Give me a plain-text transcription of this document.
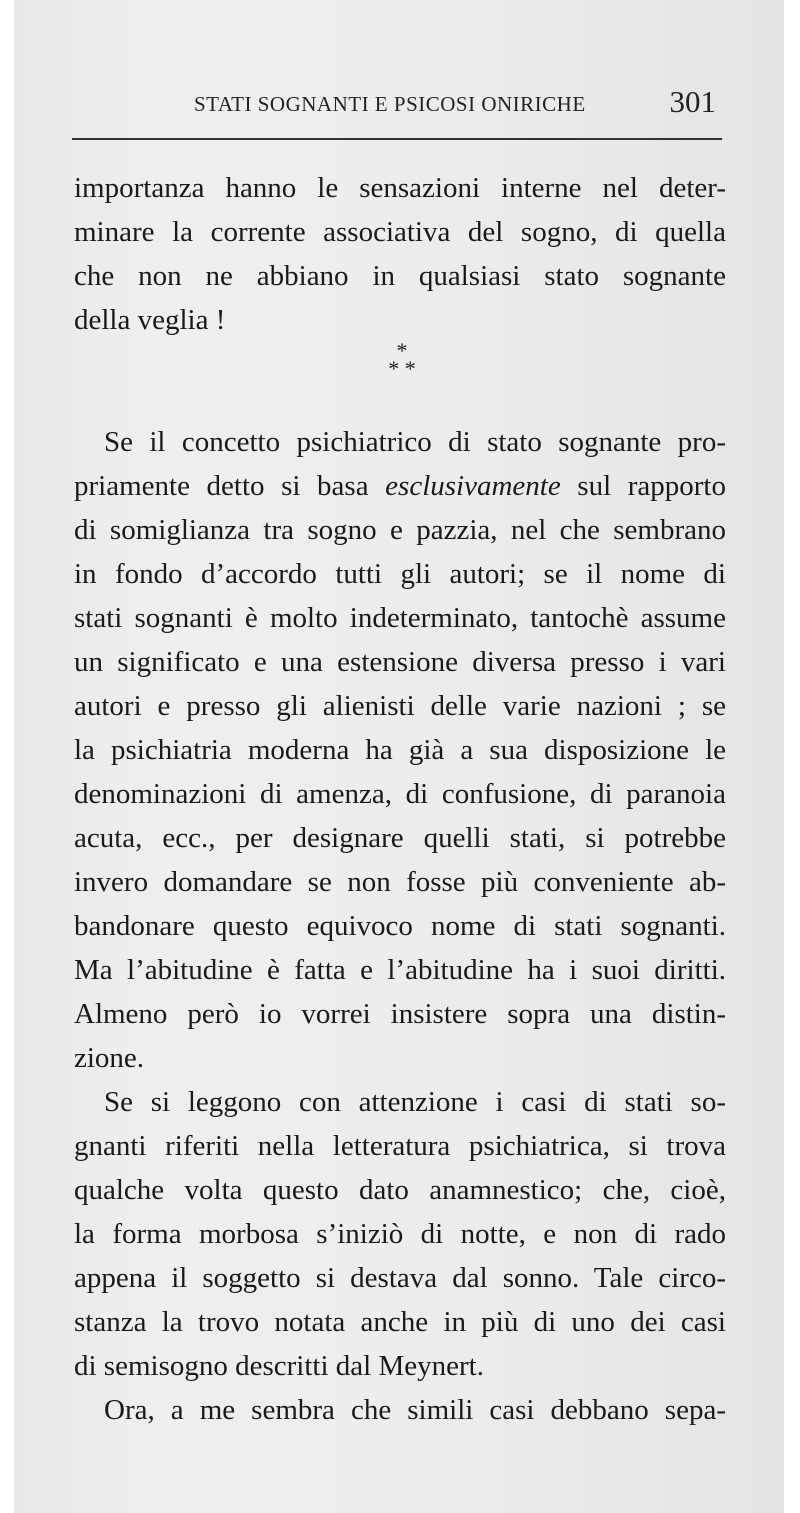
STATI SOGNANTI E PSICOSI ONIRICHE	301
importanza hanno le sensazioni interne nel deter-
minare la corrente associativa del sogno, di quella
che non ne abbiano in qualsiasi stato sognante
della veglia !
*
* *
Se il concetto psichiatrico di stato sognante pro-
priamente detto si basa esclusivamente sul rapporto
di somiglianza tra sogno e pazzia, nel che sembrano
in fondo d’accordo tutti gli autori; se il nome di
stati sognanti è molto indeterminato, tantochè assume
un significato e una estensione diversa presso i vari
autori e presso gli alienisti delle varie nazioni ; se
la psichiatria moderna ha già a sua disposizione le
denominazioni di amenza, di confusione, di paranoia
acuta, ecc., per designare quelli stati, si potrebbe
invero domandare se non fosse più conveniente ab-
bandonare questo equivoco nome di stati sognanti.
Ma l’abitudine è fatta e l’abitudine ha i suoi diritti.
Almeno però io vorrei insistere sopra una distin-
zione.
Se si leggono con attenzione i casi di stati so-
gnanti riferiti nella letteratura psichiatrica, si trova
qualche volta questo dato anamnestico; che, cioè,
la forma morbosa s’iniziò di notte, e non di rado
appena il soggetto si destava dal sonno. Tale circo-
stanza la trovo notata anche in più di uno dei casi
di semisogno descritti dal Meynert.
Ora, a me sembra che simili casi debbano sepa-
